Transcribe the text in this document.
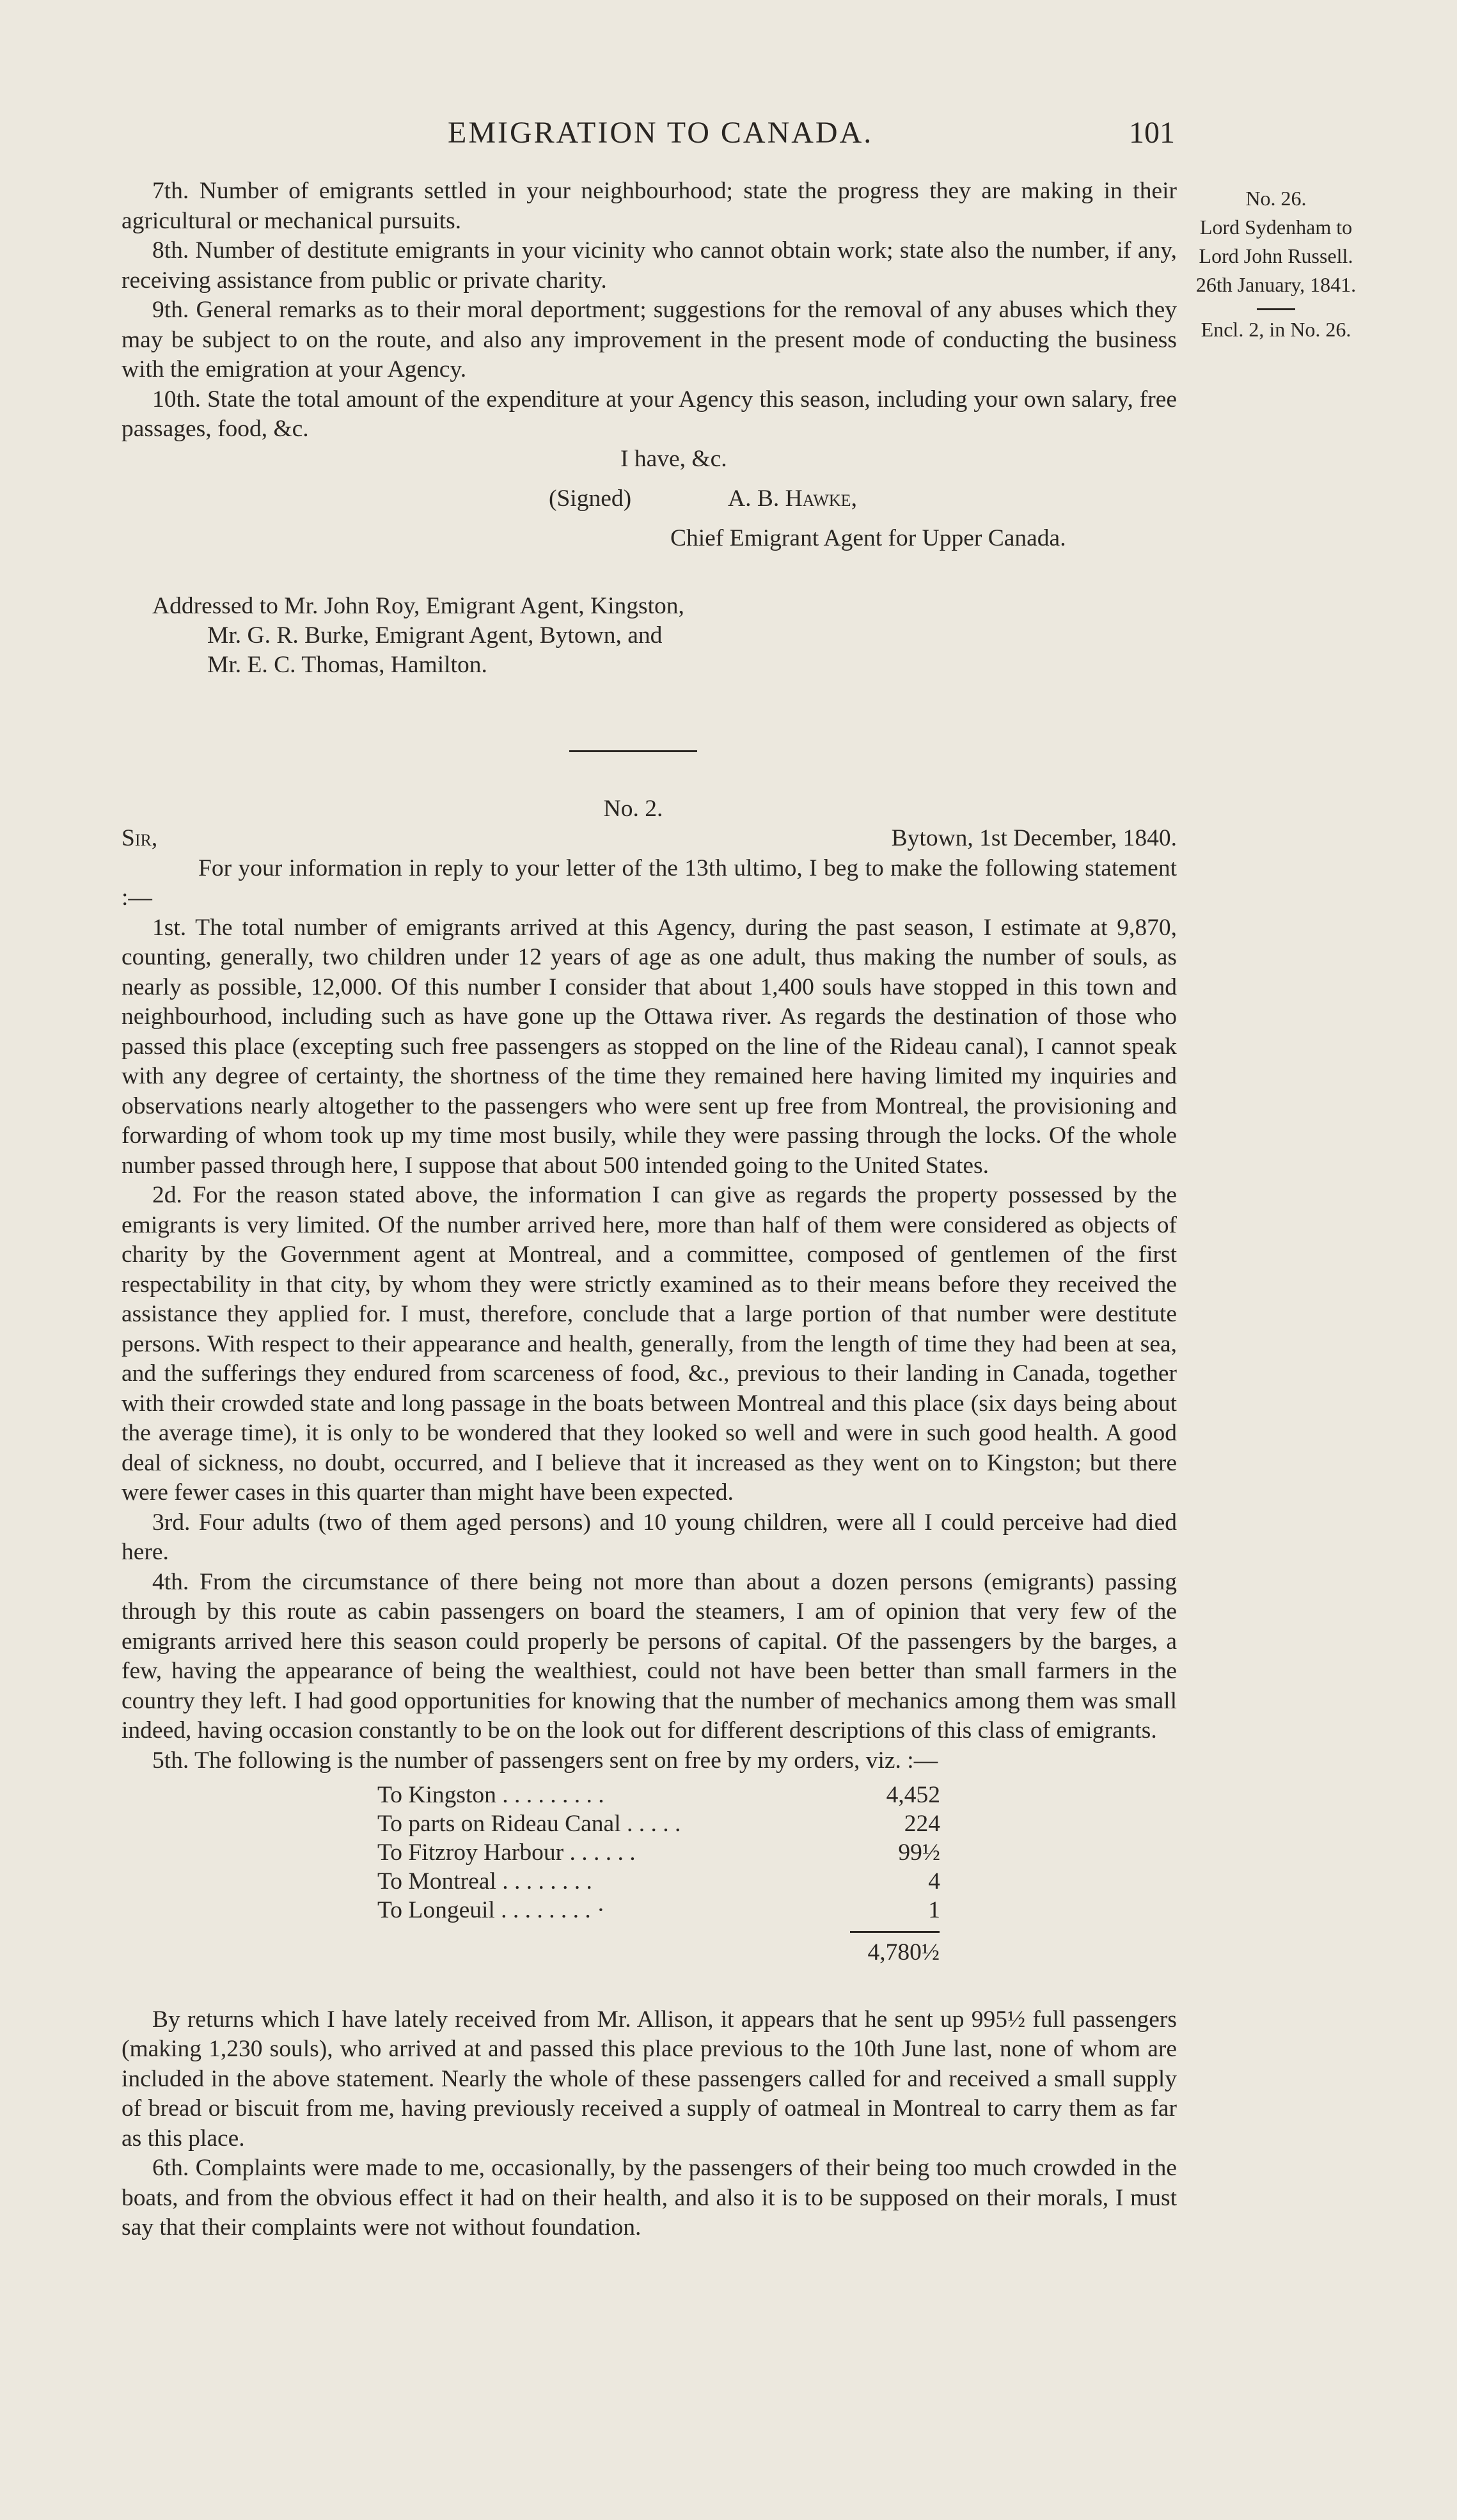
EMIGRATION TO CANADA.	101
No. 26.
Lord Sydenham to
Lord John Russell.
26th January, 1841.
Encl. 2, in No. 26.

7th. Number of emigrants settled in your neighbourhood; state the progress they are making in their agricultural or mechanical pursuits.

8th. Number of destitute emigrants in your vicinity who cannot obtain work; state also the number, if any, receiving assistance from public or private charity.

9th. General remarks as to their moral deportment; suggestions for the removal of any abuses which they may be subject to on the route, and also any improvement in the present mode of conducting the business with the emigration at your Agency.

10th. State the total amount of the expenditure at your Agency this season, including your own salary, free passages, food, &c.

I have, &c.
(Signed)	A. B. Hawke,
Chief Emigrant Agent for Upper Canada.
Addressed to Mr. John Roy, Emigrant Agent, Kingston,
Mr. G. R. Burke, Emigrant Agent, Bytown, and
Mr. E. C. Thomas, Hamilton.
No. 2.
Sir,	Bytown, 1st December, 1840.

For your information in reply to your letter of the 13th ultimo, I beg to make the following statement :—

1st. The total number of emigrants arrived at this Agency, during the past season, I estimate at 9,870, counting, generally, two children under 12 years of age as one adult, thus making the number of souls, as nearly as possible, 12,000. Of this number I consider that about 1,400 souls have stopped in this town and neighbourhood, including such as have gone up the Ottawa river. As regards the destination of those who passed this place (excepting such free passengers as stopped on the line of the Rideau canal), I cannot speak with any degree of certainty, the shortness of the time they remained here having limited my inquiries and observations nearly altogether to the passengers who were sent up free from Montreal, the provisioning and forwarding of whom took up my time most busily, while they were passing through the locks. Of the whole number passed through here, I suppose that about 500 intended going to the United States.

2d. For the reason stated above, the information I can give as regards the property possessed by the emigrants is very limited. Of the number arrived here, more than half of them were considered as objects of charity by the Government agent at Montreal, and a committee, composed of gentlemen of the first respectability in that city, by whom they were strictly examined as to their means before they received the assistance they applied for. I must, therefore, conclude that a large portion of that number were destitute persons. With respect to their appearance and health, generally, from the length of time they had been at sea, and the sufferings they endured from scarceness of food, &c., previous to their landing in Canada, together with their crowded state and long passage in the boats between Montreal and this place (six days being about the average time), it is only to be wondered that they looked so well and were in such good health. A good deal of sickness, no doubt, occurred, and I believe that it increased as they went on to Kingston; but there were fewer cases in this quarter than might have been expected.

3rd. Four adults (two of them aged persons) and 10 young children, were all I could perceive had died here.

4th. From the circumstance of there being not more than about a dozen persons (emigrants) passing through by this route as cabin passengers on board the steamers, I am of opinion that very few of the emigrants arrived here this season could properly be persons of capital. Of the passengers by the barges, a few, having the appearance of being the wealthiest, could not have been better than small farmers in the country they left. I had good opportunities for knowing that the number of mechanics among them was small indeed, having occasion constantly to be on the look out for different descriptions of this class of emigrants.

5th. The following is the number of passengers sent on free by my orders, viz. :—

To Kingston . . . . . . . . .	4,452
To parts on Rideau Canal . . . . .	224
To Fitzroy Harbour . . . . . .	99½
To Montreal . . . . . . . .	4
To Longeuil . . . . . . . . ·	1
4,780½

By returns which I have lately received from Mr. Allison, it appears that he sent up 995½ full passengers (making 1,230 souls), who arrived at and passed this place previous to the 10th June last, none of whom are included in the above statement. Nearly the whole of these passengers called for and received a small supply of bread or biscuit from me, having previously received a supply of oatmeal in Montreal to carry them as far as this place.

6th. Complaints were made to me, occasionally, by the passengers of their being too much crowded in the boats, and from the obvious effect it had on their health, and also it is to be supposed on their morals, I must say that their complaints were not without foundation.
